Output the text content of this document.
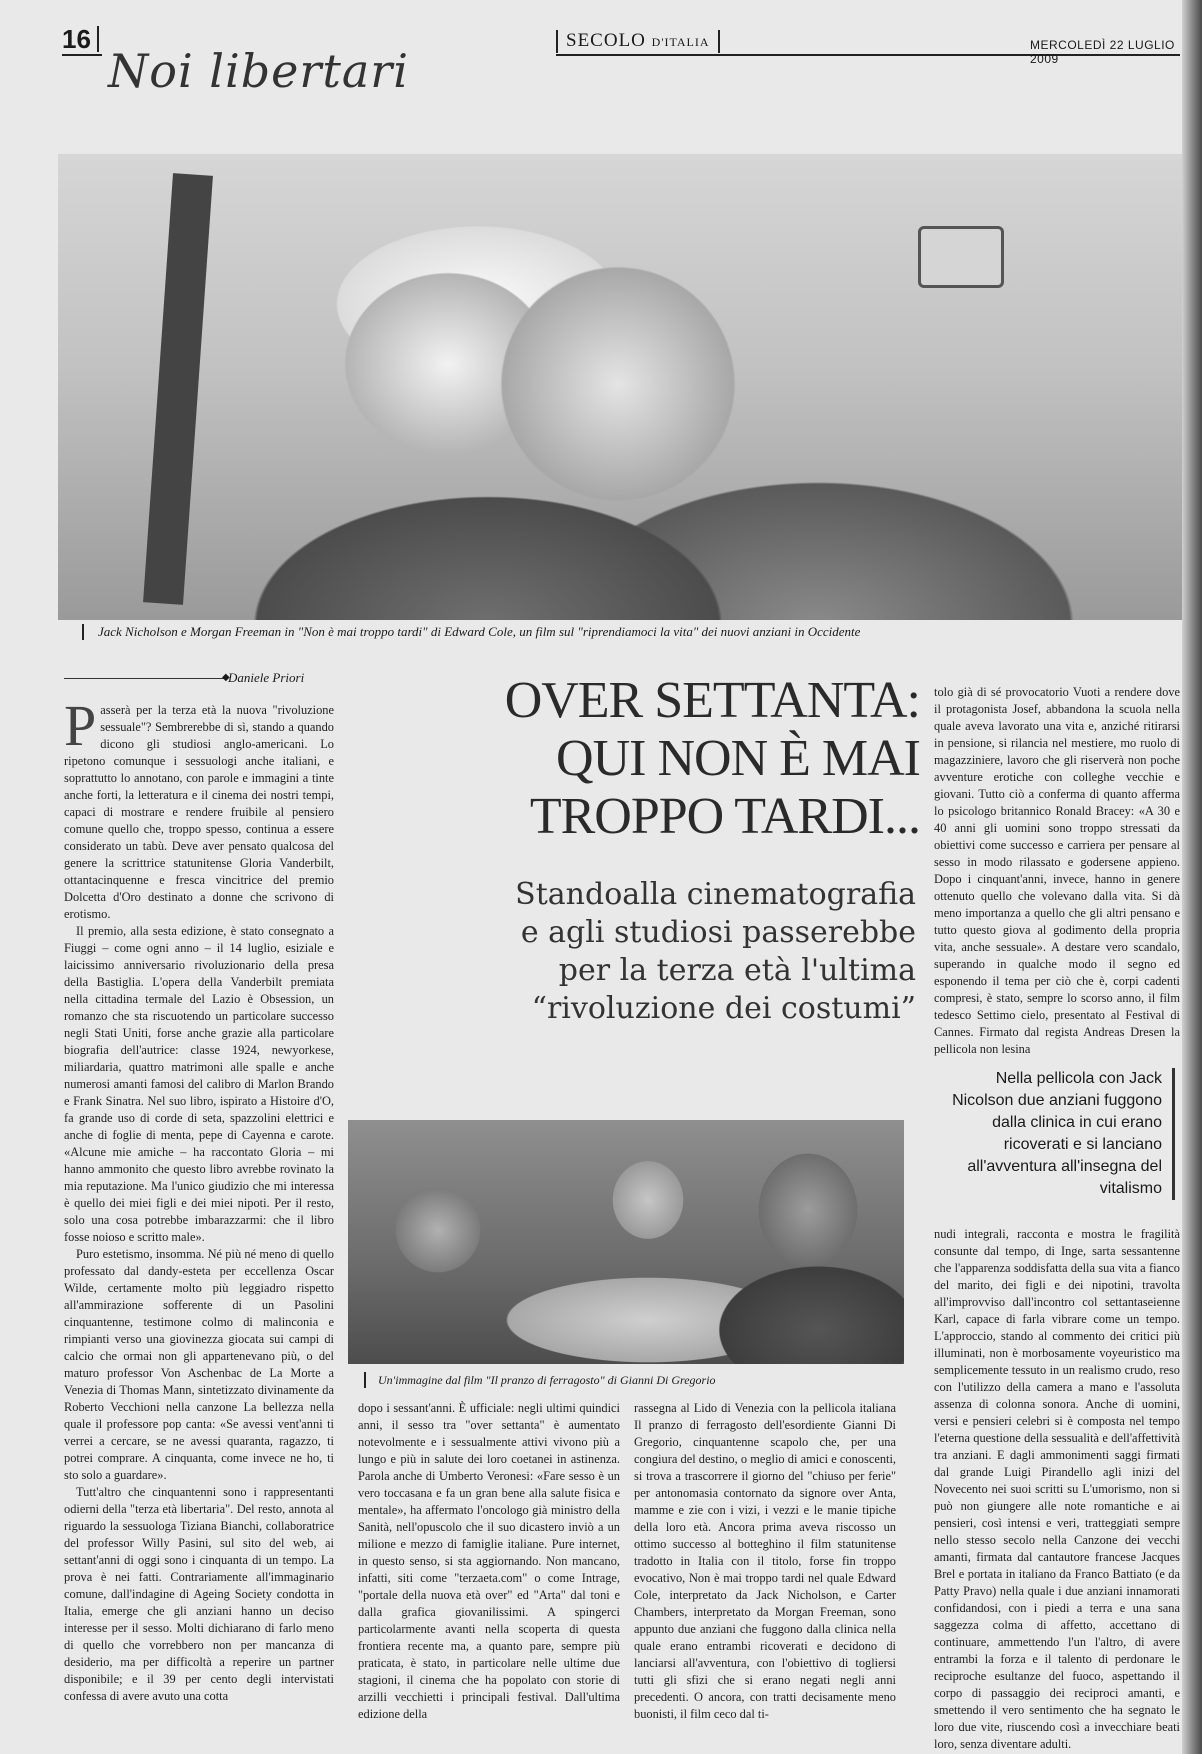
16
Noi libertari
SECOLO D'ITALIA	MERCOLEDÌ 22 LUGLIO 2009
Jack Nicholson e Morgan Freeman in "Non è mai troppo tardi" di Edward Cole, un film sul "riprendiamoci la vita" dei nuovi anziani in Occidente
◆
Daniele Priori	OVER SETTANTA:
QUI NON È MAI
TROPPO TARDI...
Standoalla cinematografia
e agli studiosi passerebbe
per la terza età l'ultima
“rivoluzione dei costumi”

Passerà per la terza età la nuova "rivoluzione sessuale"? Sembrerebbe di sì, stando a quando dicono gli studiosi anglo-americani. Lo ripetono comunque i sessuologi anche italiani, e soprattutto lo annotano, con parole e immagini a tinte anche forti, la letteratura e il cinema dei nostri tempi, capaci di mostrare e rendere fruibile al pensiero comune quello che, troppo spesso, continua a essere considerato un tabù. Deve aver pensato qualcosa del genere la scrittrice statunitense Gloria Vanderbilt, ottantacinquenne e fresca vincitrice del premio Dolcetta d'Oro destinato a donne che scrivono di erotismo.

Il premio, alla sesta edizione, è stato consegnato a Fiuggi – come ogni anno – il 14 luglio, esiziale e laicissimo anniversario rivoluzionario della presa della Bastiglia. L'opera della Vanderbilt premiata nella cittadina termale del Lazio è Obsession, un romanzo che sta riscuotendo un particolare successo negli Stati Uniti, forse anche grazie alla particolare biografia dell'autrice: classe 1924, newyorkese, miliardaria, quattro matrimoni alle spalle e anche numerosi amanti famosi del calibro di Marlon Brando e Frank Sinatra. Nel suo libro, ispirato a Histoire d'O, fa grande uso di corde di seta, spazzolini elettrici e anche di foglie di menta, pepe di Cayenna e carote. «Alcune mie amiche – ha raccontato Gloria – mi hanno ammonito che questo libro avrebbe rovinato la mia reputazione. Ma l'unico giudizio che mi interessa è quello dei miei figli e dei miei nipoti. Per il resto, solo una cosa potrebbe imbarazzarmi: che il libro fosse noioso e scritto male».

Puro estetismo, insomma. Né più né meno di quello professato dal dandy-esteta per eccellenza Oscar Wilde, certamente molto più leggiadro rispetto all'ammirazione sofferente di un Pasolini cinquantenne, testimone colmo di malinconia e rimpianti verso una giovinezza giocata sui campi di calcio che ormai non gli appartenevano più, o del maturo professor Von Aschenbac de La Morte a Venezia di Thomas Mann, sintetizzato divinamente da Roberto Vecchioni nella canzone La bellezza nella quale il professore pop canta: «Se avessi vent'anni ti verrei a cercare, se ne avessi quaranta, ragazzo, ti potrei comprare. A cinquanta, come invece ne ho, ti sto solo a guardare».

Tutt'altro che cinquantenni sono i rappresentanti odierni della "terza età libertaria". Del resto, annota al riguardo la sessuologa Tiziana Bianchi, collaboratrice del professor Willy Pasini, sul sito del web, ai settant'anni di oggi sono i cinquanta di un tempo. La prova è nei fatti. Contrariamente all'immaginario comune, dall'indagine di Ageing Society condotta in Italia, emerge che gli anziani hanno un deciso interesse per il sesso. Molti dichiarano di farlo meno di quello che vorrebbero non per mancanza di desiderio, ma per difficoltà a reperire un partner disponibile; e il 39 per cento degli intervistati confessa di avere avuto una cotta

tolo già di sé provocatorio Vuoti a rendere dove il protagonista Josef, abbandona la scuola nella quale aveva lavorato una vita e, anziché ritirarsi in pensione, si rilancia nel mestiere, mo ruolo di magazziniere, lavoro che gli riserverà non poche avventure erotiche con colleghe vecchie e giovani. Tutto ciò a conferma di quanto afferma lo psicologo britannico Ronald Bracey: «A 30 e 40 anni gli uomini sono troppo stressati da obiettivi come successo e carriera per pensare al sesso in modo rilassato e godersene appieno. Dopo i cinquant'anni, invece, hanno in genere ottenuto quello che volevano dalla vita. Si dà meno importanza a quello che gli altri pensano e tutto questo giova al godimento della propria vita, anche sessuale». A destare vero scandalo, superando in qualche modo il segno ed esponendo il tema per ciò che è, corpi cadenti compresi, è stato, sempre lo scorso anno, il film tedesco Settimo cielo, presentato al Festival di Cannes. Firmato dal regista Andreas Dresen la pellicola non lesina

Nella pellicola con Jack Nicolson due anziani fuggono dalla clinica in cui erano ricoverati e si lanciano all'avventura all'insegna del vitalismo
Un'immagine dal film "Il pranzo di ferragosto" di Gianni Di Gregorio

dopo i sessant'anni. È ufficiale: negli ultimi quindici anni, il sesso tra "over settanta" è aumentato notevolmente e i sessualmente attivi vivono più a lungo e più in salute dei loro coetanei in astinenza. Parola anche di Umberto Veronesi: «Fare sesso è un vero toccasana e fa un gran bene alla salute fisica e mentale», ha affermato l'oncologo già ministro della Sanità, nell'opuscolo che il suo dicastero inviò a un milione e mezzo di famiglie italiane. Pure internet, in questo senso, si sta aggiornando. Non mancano, infatti, siti come "terzaeta.com" o come Intrage, "portale della nuova età over" ed "Arta" dal toni e dalla grafica giovanilissimi. A spingerci particolarmente avanti nella scoperta di questa frontiera recente ma, a quanto pare, sempre più praticata, è stato, in particolare nelle ultime due stagioni, il cinema che ha popolato con storie di arzilli vecchietti i principali festival. Dall'ultima edizione della

rassegna al Lido di Venezia con la pellicola italiana Il pranzo di ferragosto dell'esordiente Gianni Di Gregorio, cinquantenne scapolo che, per una congiura del destino, o meglio di amici e conoscenti, si trova a trascorrere il giorno del "chiuso per ferie" per antonomasia contornato da signore over Anta, mamme e zie con i vizi, i vezzi e le manie tipiche della loro età. Ancora prima aveva riscosso un ottimo successo al botteghino il film statunitense tradotto in Italia con il titolo, forse fin troppo evocativo, Non è mai troppo tardi nel quale Edward Cole, interpretato da Jack Nicholson, e Carter Chambers, interpretato da Morgan Freeman, sono appunto due anziani che fuggono dalla clinica nella quale erano entrambi ricoverati e decidono di lanciarsi all'avventura, con l'obiettivo di togliersi tutti gli sfizi che si erano negati negli anni precedenti. O ancora, con tratti decisamente meno buonisti, il film ceco dal ti-

nudi integrali, racconta e mostra le fragilità consunte dal tempo, di Inge, sarta sessantenne che l'apparenza soddisfatta della sua vita a fianco del marito, dei figli e dei nipotini, travolta all'improvviso dall'incontro col settantaseienne Karl, capace di farla vibrare come un tempo. L'approccio, stando al commento dei critici più illuminati, non è morbosamente voyeuristico ma semplicemente tessuto in un realismo crudo, reso con l'utilizzo della camera a mano e l'assoluta assenza di colonna sonora. Anche di uomini, versi e pensieri celebri si è composta nel tempo l'eterna questione della sessualità e dell'affettività tra anziani. E dagli ammonimenti saggi firmati dal grande Luigi Pirandello agli inizi del Novecento nei suoi scritti su L'umorismo, non si può non giungere alle note romantiche e ai pensieri, così intensi e veri, tratteggiati sempre nello stesso secolo nella Canzone dei vecchi amanti, firmata dal cantautore francese Jacques Brel e portata in italiano da Franco Battiato (e da Patty Pravo) nella quale i due anziani innamorati confidandosi, con i piedi a terra e una sana saggezza colma di affetto, accettano di continuare, ammettendo l'un l'altro, di avere entrambi la forza e il talento di perdonare le reciproche esultanze del fuoco, aspettando il corpo di passaggio dei reciproci amanti, e smettendo il vero sentimento che ha segnato le loro due vite, riuscendo così a invecchiare beati loro, senza diventare adulti.
